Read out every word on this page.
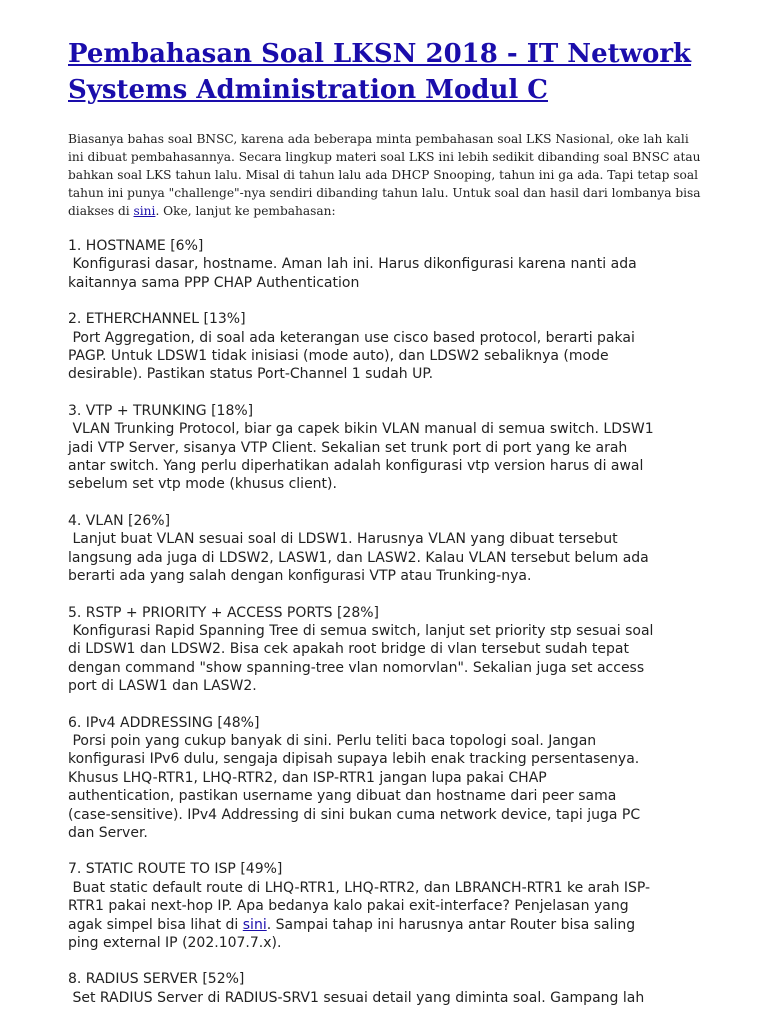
Pembahasan Soal LKSN 2018 - IT Network Systems Administration Modul C

Biasanya bahas soal BNSC, karena ada beberapa minta pembahasan soal LKS Nasional, oke lah kali ini dibuat pembahasannya. Secara lingkup materi soal LKS ini lebih sedikit dibanding soal BNSC atau bahkan soal LKS tahun lalu. Misal di tahun lalu ada DHCP Snooping, tahun ini ga ada. Tapi tetap soal tahun ini punya "challenge"-nya sendiri dibanding tahun lalu. Untuk soal dan hasil dari lombanya bisa diakses di sini. Oke, lanjut ke pembahasan:

1. HOSTNAME [6%]

Konfigurasi dasar, hostname. Aman lah ini. Harus dikonfigurasi karena nanti ada
kaitannya sama PPP CHAP Authentication

2. ETHERCHANNEL [13%]

Port Aggregation, di soal ada keterangan use cisco based protocol, berarti pakai
PAGP. Untuk LDSW1 tidak inisiasi (mode auto), dan LDSW2 sebaliknya (mode
desirable). Pastikan status Port-Channel 1 sudah UP.

3. VTP + TRUNKING [18%]

VLAN Trunking Protocol, biar ga capek bikin VLAN manual di semua switch. LDSW1
jadi VTP Server, sisanya VTP Client. Sekalian set trunk port di port yang ke arah
antar switch. Yang perlu diperhatikan adalah konfigurasi vtp version harus di awal
sebelum set vtp mode (khusus client).

4. VLAN [26%]

Lanjut buat VLAN sesuai soal di LDSW1. Harusnya VLAN yang dibuat tersebut
langsung ada juga di LDSW2, LASW1, dan LASW2. Kalau VLAN tersebut belum ada
berarti ada yang salah dengan konfigurasi VTP atau Trunking-nya.

5. RSTP + PRIORITY + ACCESS PORTS [28%]

Konfigurasi Rapid Spanning Tree di semua switch, lanjut set priority stp sesuai soal
di LDSW1 dan LDSW2. Bisa cek apakah root bridge di vlan tersebut sudah tepat
dengan command "show spanning-tree vlan nomorvlan". Sekalian juga set access
port di LASW1 dan LASW2.

6. IPv4 ADDRESSING [48%]

Porsi poin yang cukup banyak di sini. Perlu teliti baca topologi soal. Jangan
konfigurasi IPv6 dulu, sengaja dipisah supaya lebih enak tracking persentasenya.
Khusus LHQ-RTR1, LHQ-RTR2, dan ISP-RTR1 jangan lupa pakai CHAP
authentication, pastikan username yang dibuat dan hostname dari peer sama
(case-sensitive). IPv4 Addressing di sini bukan cuma network device, tapi juga PC
dan Server.

7. STATIC ROUTE TO ISP [49%]

Buat static default route di LHQ-RTR1, LHQ-RTR2, dan LBRANCH-RTR1 ke arah ISP-
RTR1 pakai next-hop IP. Apa bedanya kalo pakai exit-interface? Penjelasan yang
agak simpel bisa lihat di sini. Sampai tahap ini harusnya antar Router bisa saling
ping external IP (202.107.7.x).

8. RADIUS SERVER [52%]

Set RADIUS Server di RADIUS-SRV1 sesuai detail yang diminta soal. Gampang lah
